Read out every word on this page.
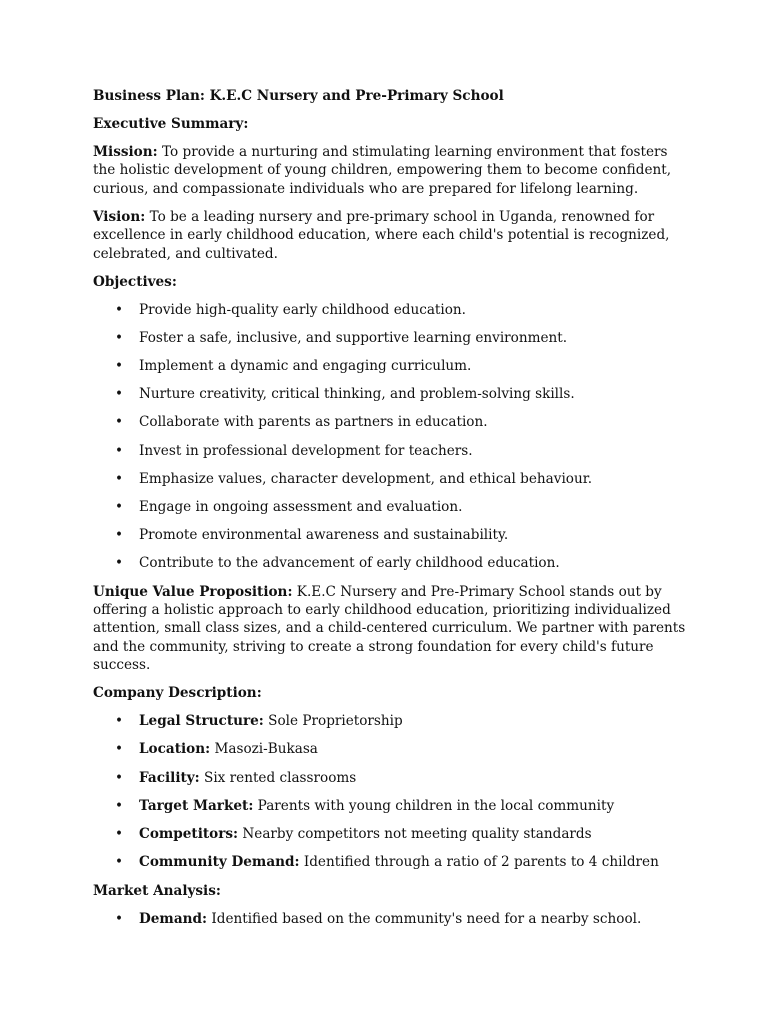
Business Plan: K.E.C Nursery and Pre-Primary School

Executive Summary:

Mission: To provide a nurturing and stimulating learning environment that fosters the holistic development of young children, empowering them to become confident, curious, and compassionate individuals who are prepared for lifelong learning.

Vision: To be a leading nursery and pre-primary school in Uganda, renowned for excellence in early childhood education, where each child's potential is recognized, celebrated, and cultivated.

Objectives:

• Provide high-quality early childhood education.
• Foster a safe, inclusive, and supportive learning environment.
• Implement a dynamic and engaging curriculum.
• Nurture creativity, critical thinking, and problem-solving skills.
• Collaborate with parents as partners in education.
• Invest in professional development for teachers.
• Emphasize values, character development, and ethical behaviour.
• Engage in ongoing assessment and evaluation.
• Promote environmental awareness and sustainability.
• Contribute to the advancement of early childhood education.

Unique Value Proposition: K.E.C Nursery and Pre-Primary School stands out by offering a holistic approach to early childhood education, prioritizing individualized attention, small class sizes, and a child-centered curriculum. We partner with parents and the community, striving to create a strong foundation for every child's future success.

Company Description:

• Legal Structure: Sole Proprietorship
• Location: Masozi-Bukasa
• Facility: Six rented classrooms
• Target Market: Parents with young children in the local community
• Competitors: Nearby competitors not meeting quality standards
• Community Demand: Identified through a ratio of 2 parents to 4 children

Market Analysis:

• Demand: Identified based on the community's need for a nearby school.
